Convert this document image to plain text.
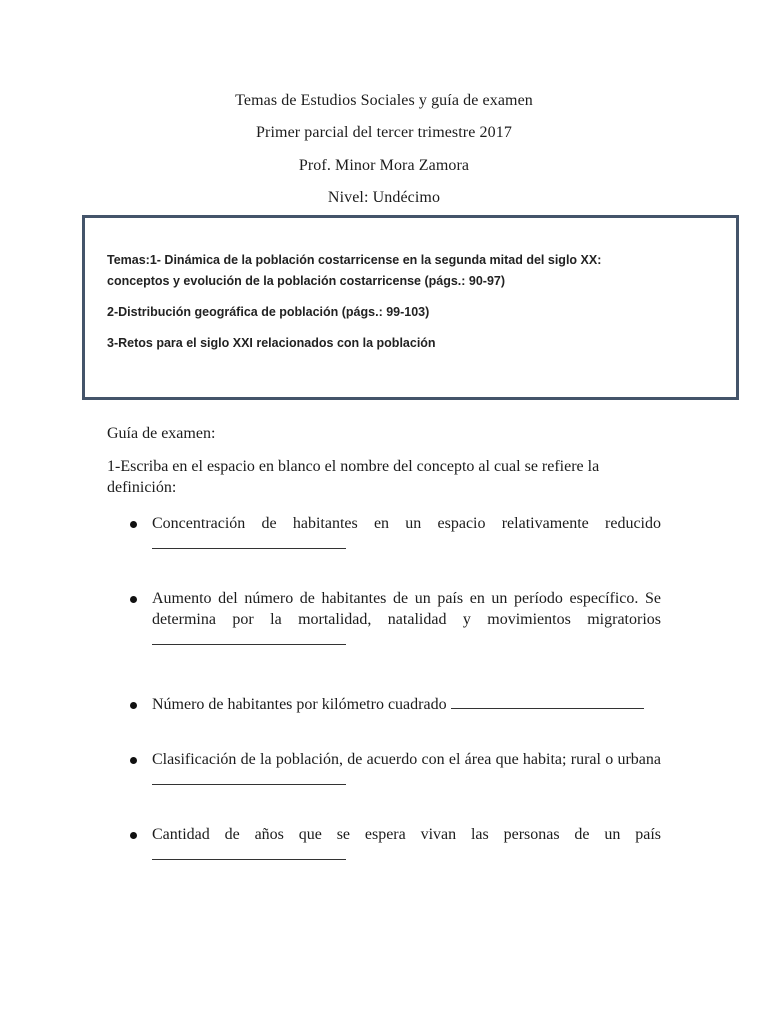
Temas de Estudios Sociales y guía de examen
Primer parcial del tercer trimestre 2017
Prof. Minor Mora Zamora
Nivel: Undécimo
Temas:1- Dinámica de la población costarricense en la segunda mitad del siglo XX:
conceptos y evolución de la población costarricense (págs.: 90-97)
2-Distribución geográfica de población (págs.: 99-103)
3-Retos para el siglo XXI relacionados con la población
Guía de examen:
1-Escriba en el espacio en blanco el nombre del concepto al cual se refiere la definición:
Concentración de habitantes en un espacio relativamente reducido
Aumento del número de habitantes de un país en un período específico. Se determina por la mortalidad, natalidad y movimientos migratorios
Número de habitantes por kilómetro cuadrado
Clasificación de la población, de acuerdo con el área que habita; rural o urbana
Cantidad de años que se espera vivan las personas de un país
